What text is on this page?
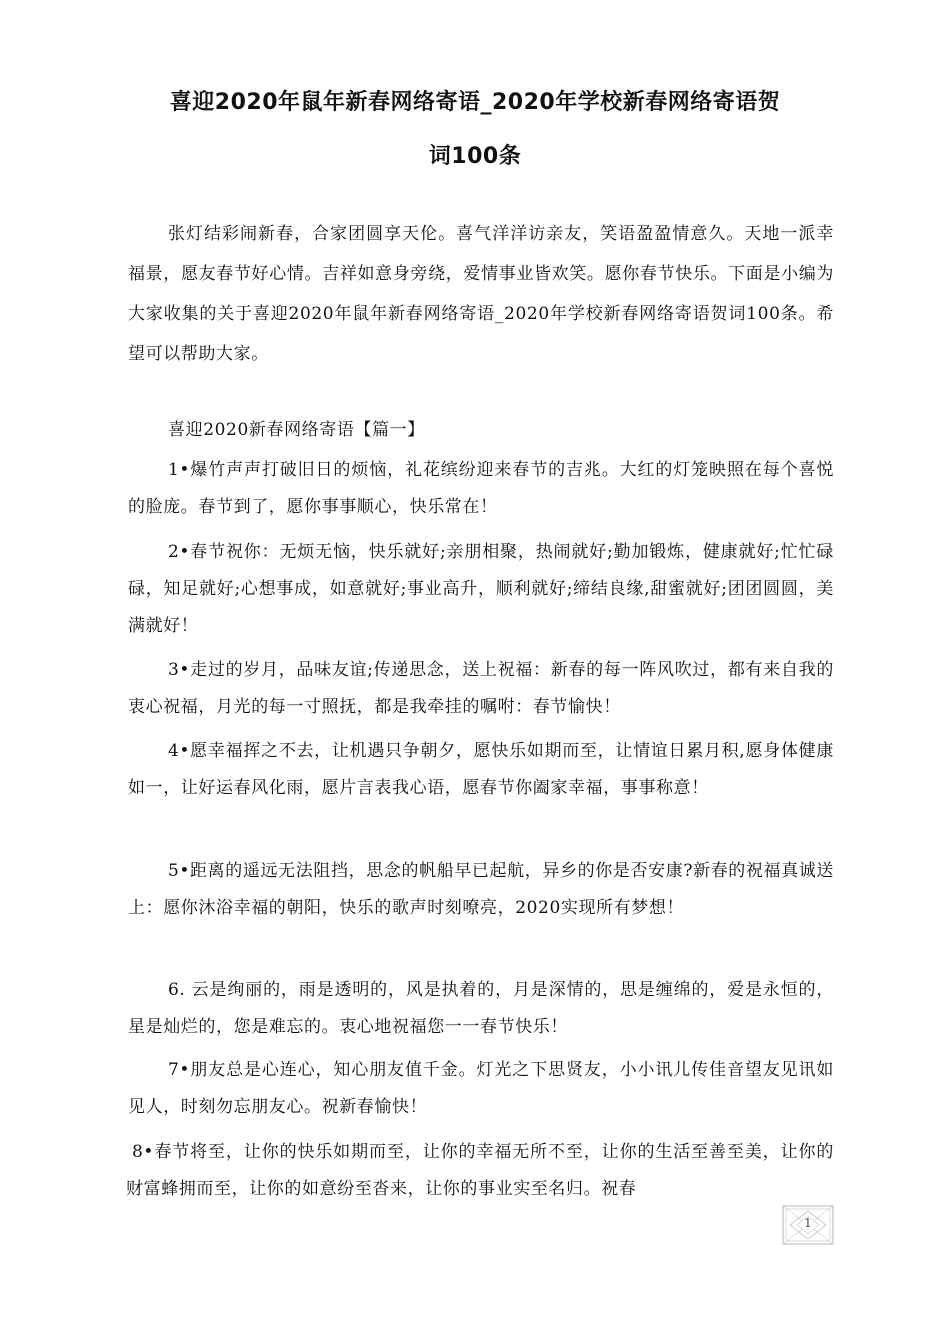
喜迎2020年鼠年新春网络寄语_2020年学校新春网络寄语贺
词100条
张灯结彩闹新春，合家团圆享天伦。喜气洋洋访亲友，笑语盈盈情意久。天地一派幸福景，愿友春节好心情。吉祥如意身旁绕，爱情事业皆欢笑。愿你春节快乐。下面是小编为大家收集的关于喜迎2020年鼠年新春网络寄语_2020年学校新春网络寄语贺词100条。希望可以帮助大家。
喜迎2020新春网络寄语【篇一】
1•爆竹声声打破旧日的烦恼，礼花缤纷迎来春节的吉兆。大红的灯笼映照在每个喜悦的脸庞。春节到了，愿你事事顺心，快乐常在！
2•春节祝你：无烦无恼，快乐就好;亲朋相聚，热闹就好;勤加锻炼，健康就好;忙忙碌碌，知足就好;心想事成，如意就好;事业高升，顺利就好;缔结良缘,甜蜜就好;团团圆圆，美满就好！
3•走过的岁月，品味友谊;传递思念，送上祝福：新春的每一阵风吹过，都有来自我的衷心祝福，月光的每一寸照抚，都是我牵挂的嘱咐：春节愉快！
4•愿幸福挥之不去，让机遇只争朝夕，愿快乐如期而至，让情谊日累月积,愿身体健康如一，让好运春风化雨，愿片言表我心语，愿春节你阖家幸福，事事称意！
5•距离的遥远无法阻挡，思念的帆船早已起航，异乡的你是否安康?新春的祝福真诚送上：愿你沐浴幸福的朝阳，快乐的歌声时刻嘹亮，2020实现所有梦想！
6. 云是绚丽的，雨是透明的，风是执着的，月是深情的，思是缠绵的，爱是永恒的，星是灿烂的，您是难忘的。衷心地祝福您一一春节快乐！
7•朋友总是心连心，知心朋友值千金。灯光之下思贤友，小小讯儿传佳音望友见讯如见人，时刻勿忘朋友心。祝新春愉快！
8•春节将至，让你的快乐如期而至，让你的幸福无所不至，让你的生活至善至美，让你的财富蜂拥而至，让你的如意纷至沓来，让你的事业实至名归。祝春
1
